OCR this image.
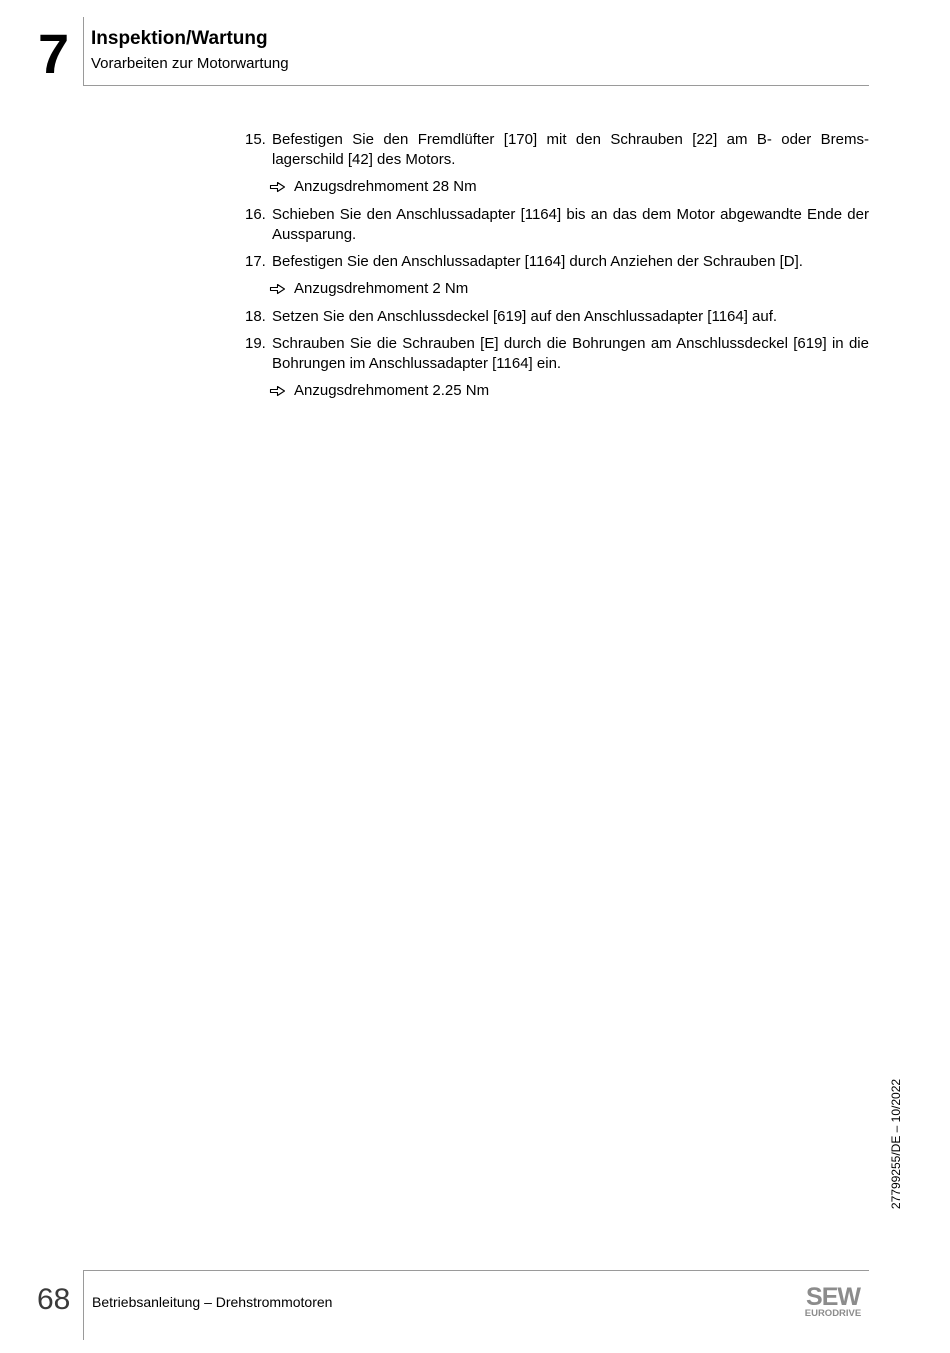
7 Inspektion/Wartung
Vorarbeiten zur Motorwartung
15. Befestigen Sie den Fremdlüfter [170] mit den Schrauben [22] am B- oder Bremslagerschild [42] des Motors.
Anzugsdrehmoment 28 Nm
16. Schieben Sie den Anschlussadapter [1164] bis an das dem Motor abgewandte Ende der Aussparung.
17. Befestigen Sie den Anschlussadapter [1164] durch Anziehen der Schrauben [D].
Anzugsdrehmoment 2 Nm
18. Setzen Sie den Anschlussdeckel [619] auf den Anschlussadapter [1164] auf.
19. Schrauben Sie die Schrauben [E] durch die Bohrungen am Anschlussdeckel [619] in die Bohrungen im Anschlussadapter [1164] ein.
Anzugsdrehmoment 2.25 Nm
27799255/DE – 10/2022
68 Betriebsanleitung – Drehstrommotoren	SEW
EURODRIVE
